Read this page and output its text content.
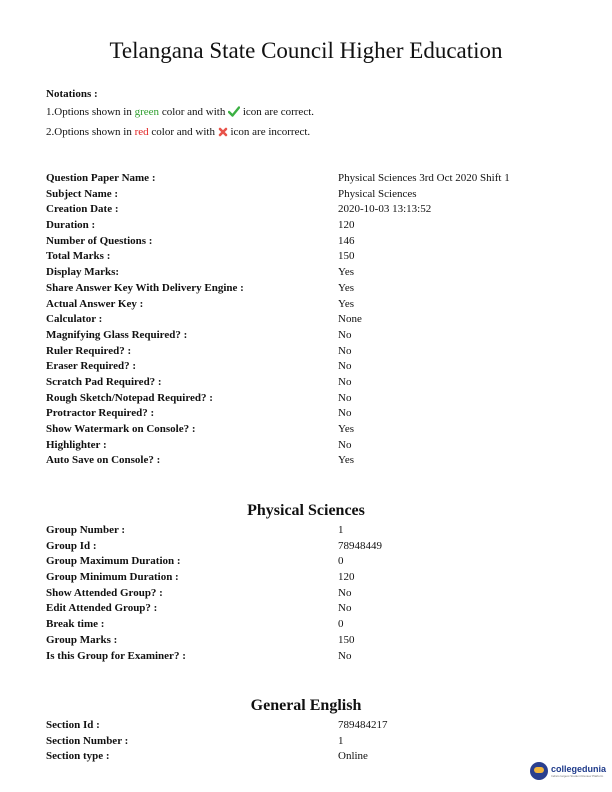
Telangana State Council Higher Education
Notations :
1.Options shown in green color and with  icon are correct.
2.Options shown in red color and with  icon are incorrect.
Question Paper Name :	Physical Sciences 3rd Oct 2020 Shift 1
Subject Name :	Physical Sciences
Creation Date :	2020-10-03 13:13:52
Duration :	120
Number of Questions :	146
Total Marks :	150
Display Marks:	Yes
Share Answer Key With Delivery Engine :	Yes
Actual Answer Key :	Yes
Calculator :	None
Magnifying Glass Required? :	No
Ruler Required? :	No
Eraser Required? :	No
Scratch Pad Required? :	No
Rough Sketch/Notepad Required? :	No
Protractor Required? :	No
Show Watermark on Console? :	Yes
Highlighter :	No
Auto Save on Console? :	Yes
Physical Sciences
Group Number :	1
Group Id :	78948449
Group Maximum Duration :	0
Group Minimum Duration :	120
Show Attended Group? :	No
Edit Attended Group? :	No
Break time :	0
Group Marks :	150
Is this Group for Examiner? :	No
General English
Section Id :	789484217
Section Number :	1
Section type :	Online
collegedunia
India's largest Student Review Platform
